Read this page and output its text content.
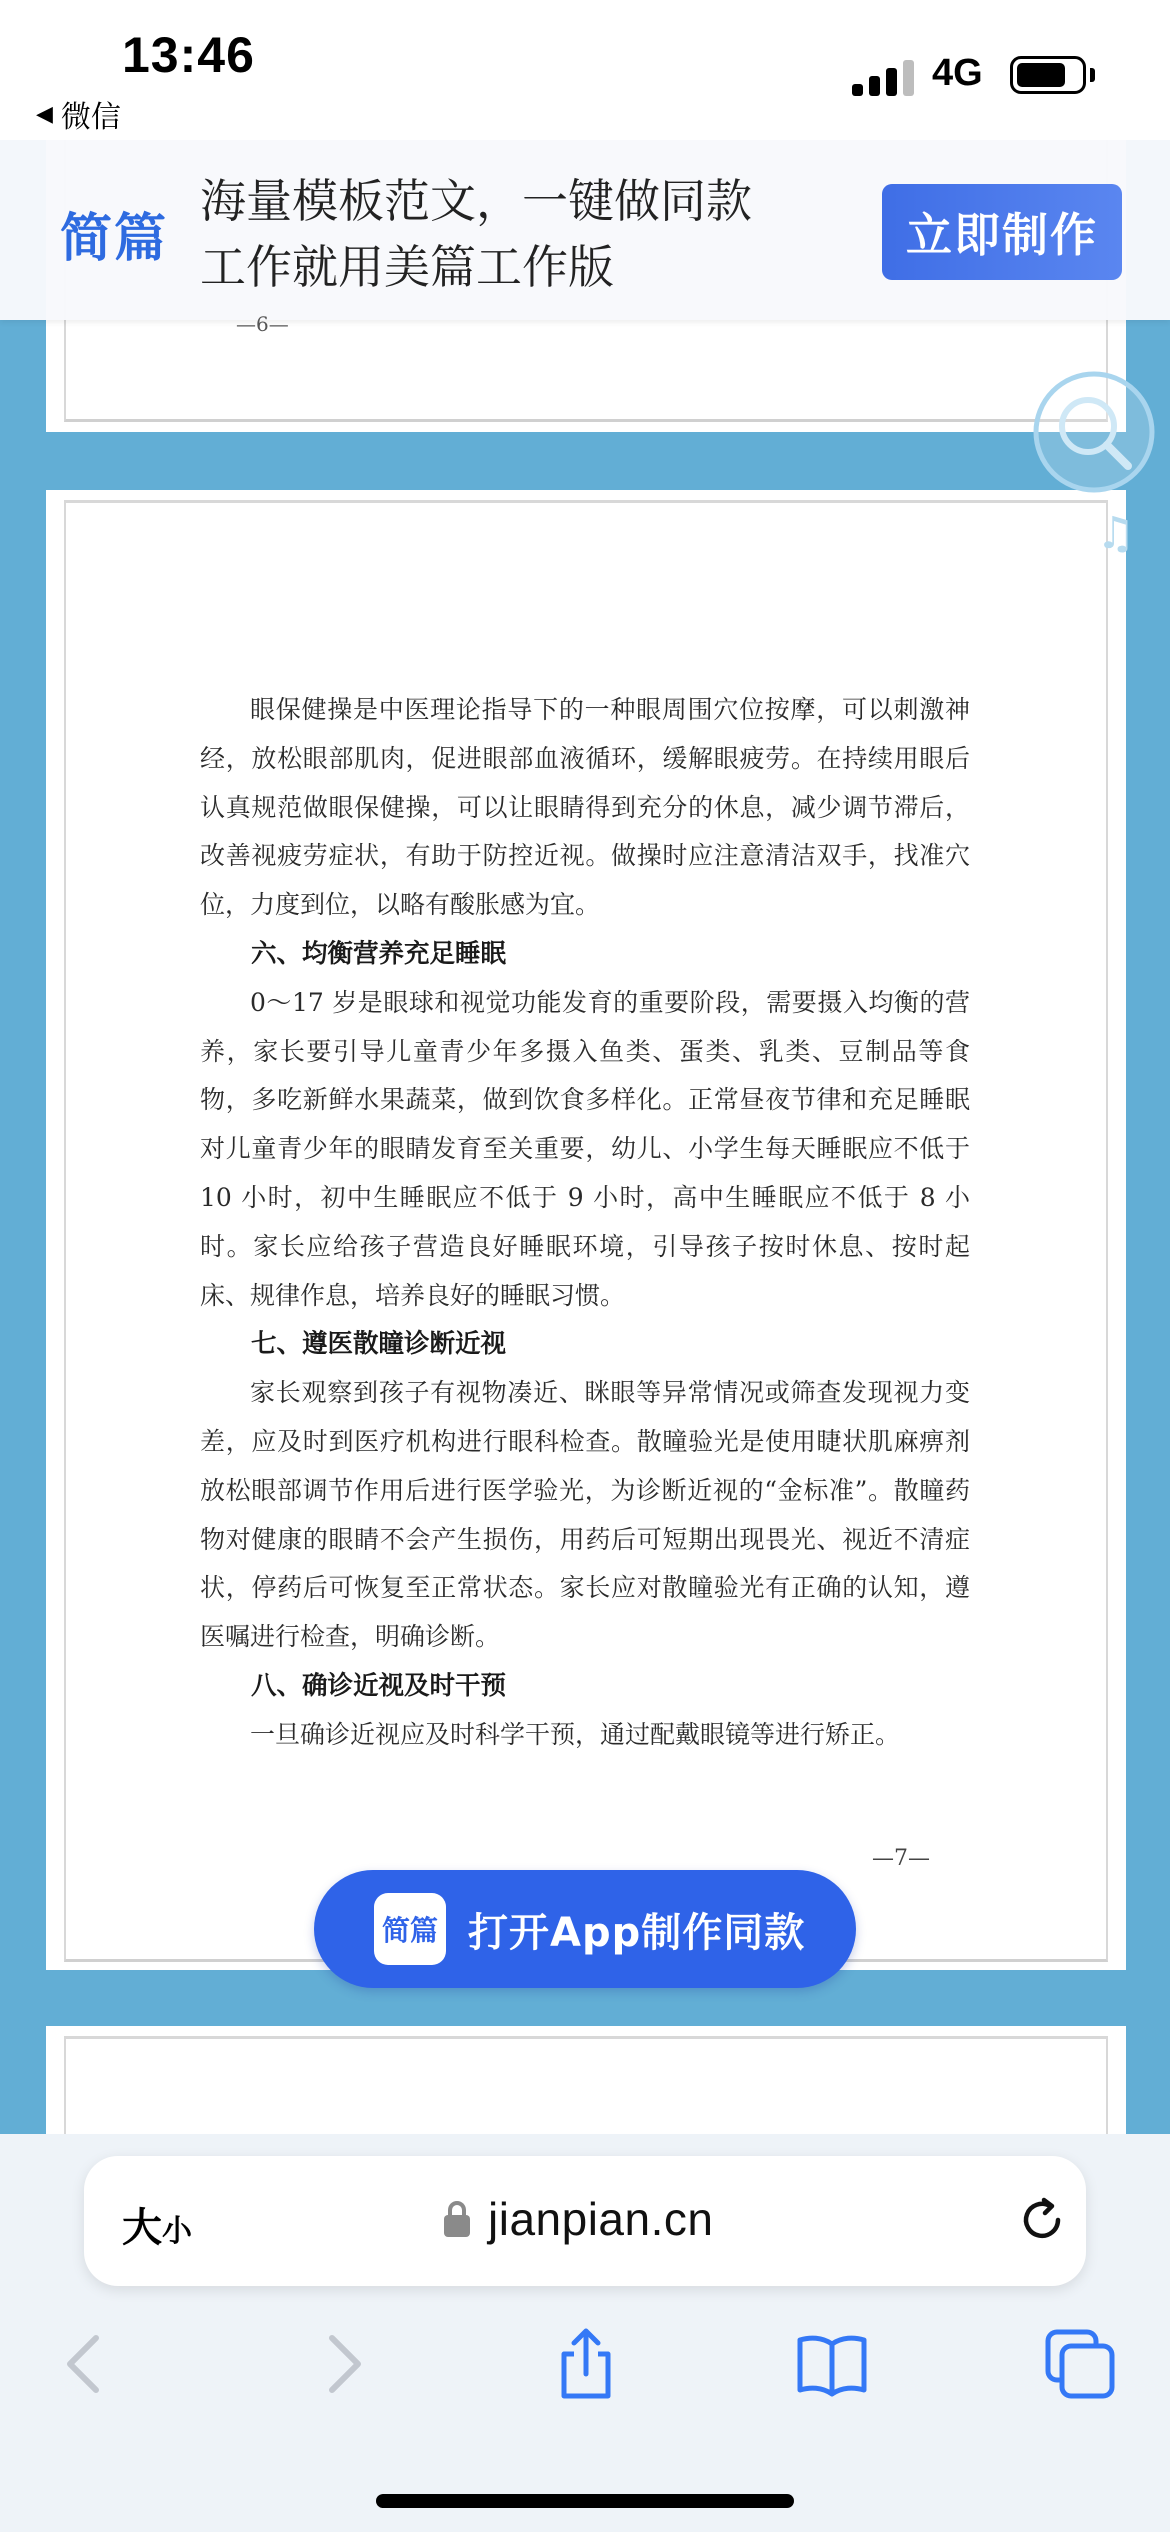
13:46
◀ 微信
4G
—6—
简篇
海量模板范文，一键做同款
工作就用美篇工作版
立即制作
♫

眼保健操是中医理论指导下的一种眼周围穴位按摩，可以刺激神经，放松眼部肌肉，促进眼部血液循环，缓解眼疲劳。在持续用眼后认真规范做眼保健操，可以让眼睛得到充分的休息，减少调节滞后，改善视疲劳症状，有助于防控近视。做操时应注意清洁双手，找准穴位，力度到位，以略有酸胀感为宜。

六、均衡营养充足睡眠

0～17 岁是眼球和视觉功能发育的重要阶段，需要摄入均衡的营养，家长要引导儿童青少年多摄入鱼类、蛋类、乳类、豆制品等食物，多吃新鲜水果蔬菜，做到饮食多样化。正常昼夜节律和充足睡眠对儿童青少年的眼睛发育至关重要，幼儿、小学生每天睡眠应不低于 10 小时，初中生睡眠应不低于 9 小时，高中生睡眠应不低于 8 小时。家长应给孩子营造良好睡眠环境，引导孩子按时休息、按时起床、规律作息，培养良好的睡眠习惯。

七、遵医散瞳诊断近视

家长观察到孩子有视物凑近、眯眼等异常情况或筛查发现视力变差，应及时到医疗机构进行眼科检查。散瞳验光是使用睫状肌麻痹剂放松眼部调节作用后进行医学验光，为诊断近视的“金标准”。散瞳药物对健康的眼睛不会产生损伤，用药后可短期出现畏光、视近不清症状，停药后可恢复至正常状态。家长应对散瞳验光有正确的认知，遵医嘱进行检查，明确诊断。

八、确诊近视及时干预

一旦确诊近视应及时科学干预，通过配戴眼镜等进行矫正。

—7—
简篇 打开App制作同款
大小	jianpian.cn
